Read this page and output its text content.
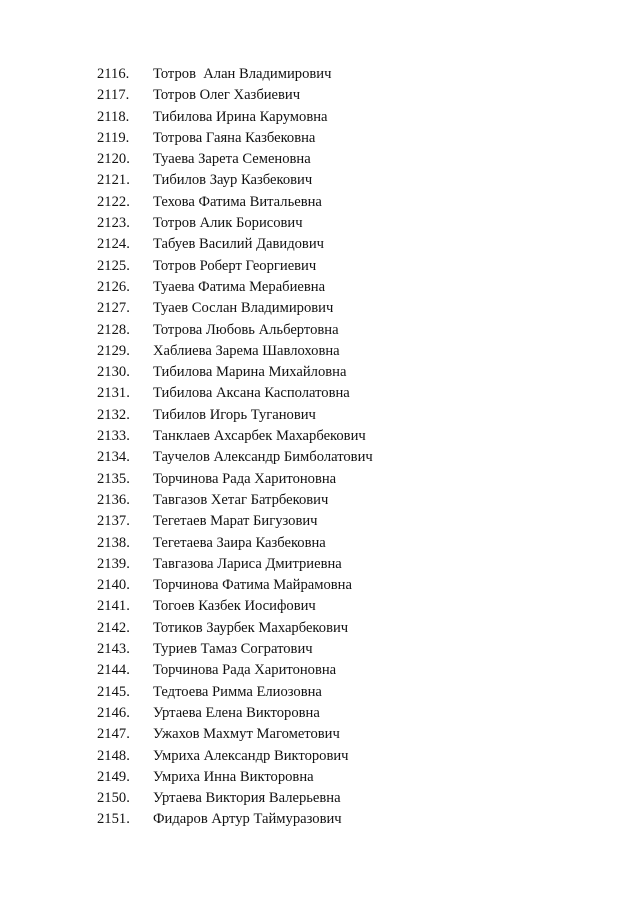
2116.	Тотров  Алан Владимирович
2117.	Тотров Олег Хазбиевич
2118.	Тибилова Ирина Карумовна
2119.	Тотрова Гаяна Казбековна
2120.	Туаева Зарета Семеновна
2121.	Тибилов Заур Казбекович
2122.	Техова Фатима Витальевна
2123.	Тотров Алик Борисович
2124.	Табуев Василий Давидович
2125.	Тотров Роберт Георгиевич
2126.	Туаева Фатима Мерабиевна
2127.	Туаев Сослан Владимирович
2128.	Тотрова Любовь Альбертовна
2129.	Хаблиева Зарема Шавлоховна
2130.	Тибилова Марина Михайловна
2131.	Тибилова Аксана Касполатовна
2132.	Тибилов Игорь Туганович
2133.	Танклаев Ахсарбек Махарбекович
2134.	Таучелов Александр Бимболатович
2135.	Торчинова Рада Харитоновна
2136.	Тавгазов Хетаг Батрбекович
2137.	Тегетаев Марат Бигузович
2138.	Тегетаева Заира Казбековна
2139.	Тавгазова Лариса Дмитриевна
2140.	Торчинова Фатима Майрамовна
2141.	Тогоев Казбек Иосифович
2142.	Тотиков Заурбек Махарбекович
2143.	Туриев Тамаз Согратович
2144.	Торчинова Рада Харитоновна
2145.	Тедтоева Римма Елиозовна
2146.	Уртаева Елена Викторовна
2147.	Ужахов Махмут Магометович
2148.	Умриха Александр Викторович
2149.	Умриха Инна Викторовна
2150.	Уртаева Виктория Валерьевна
2151.	Фидаров Артур Таймуразович
